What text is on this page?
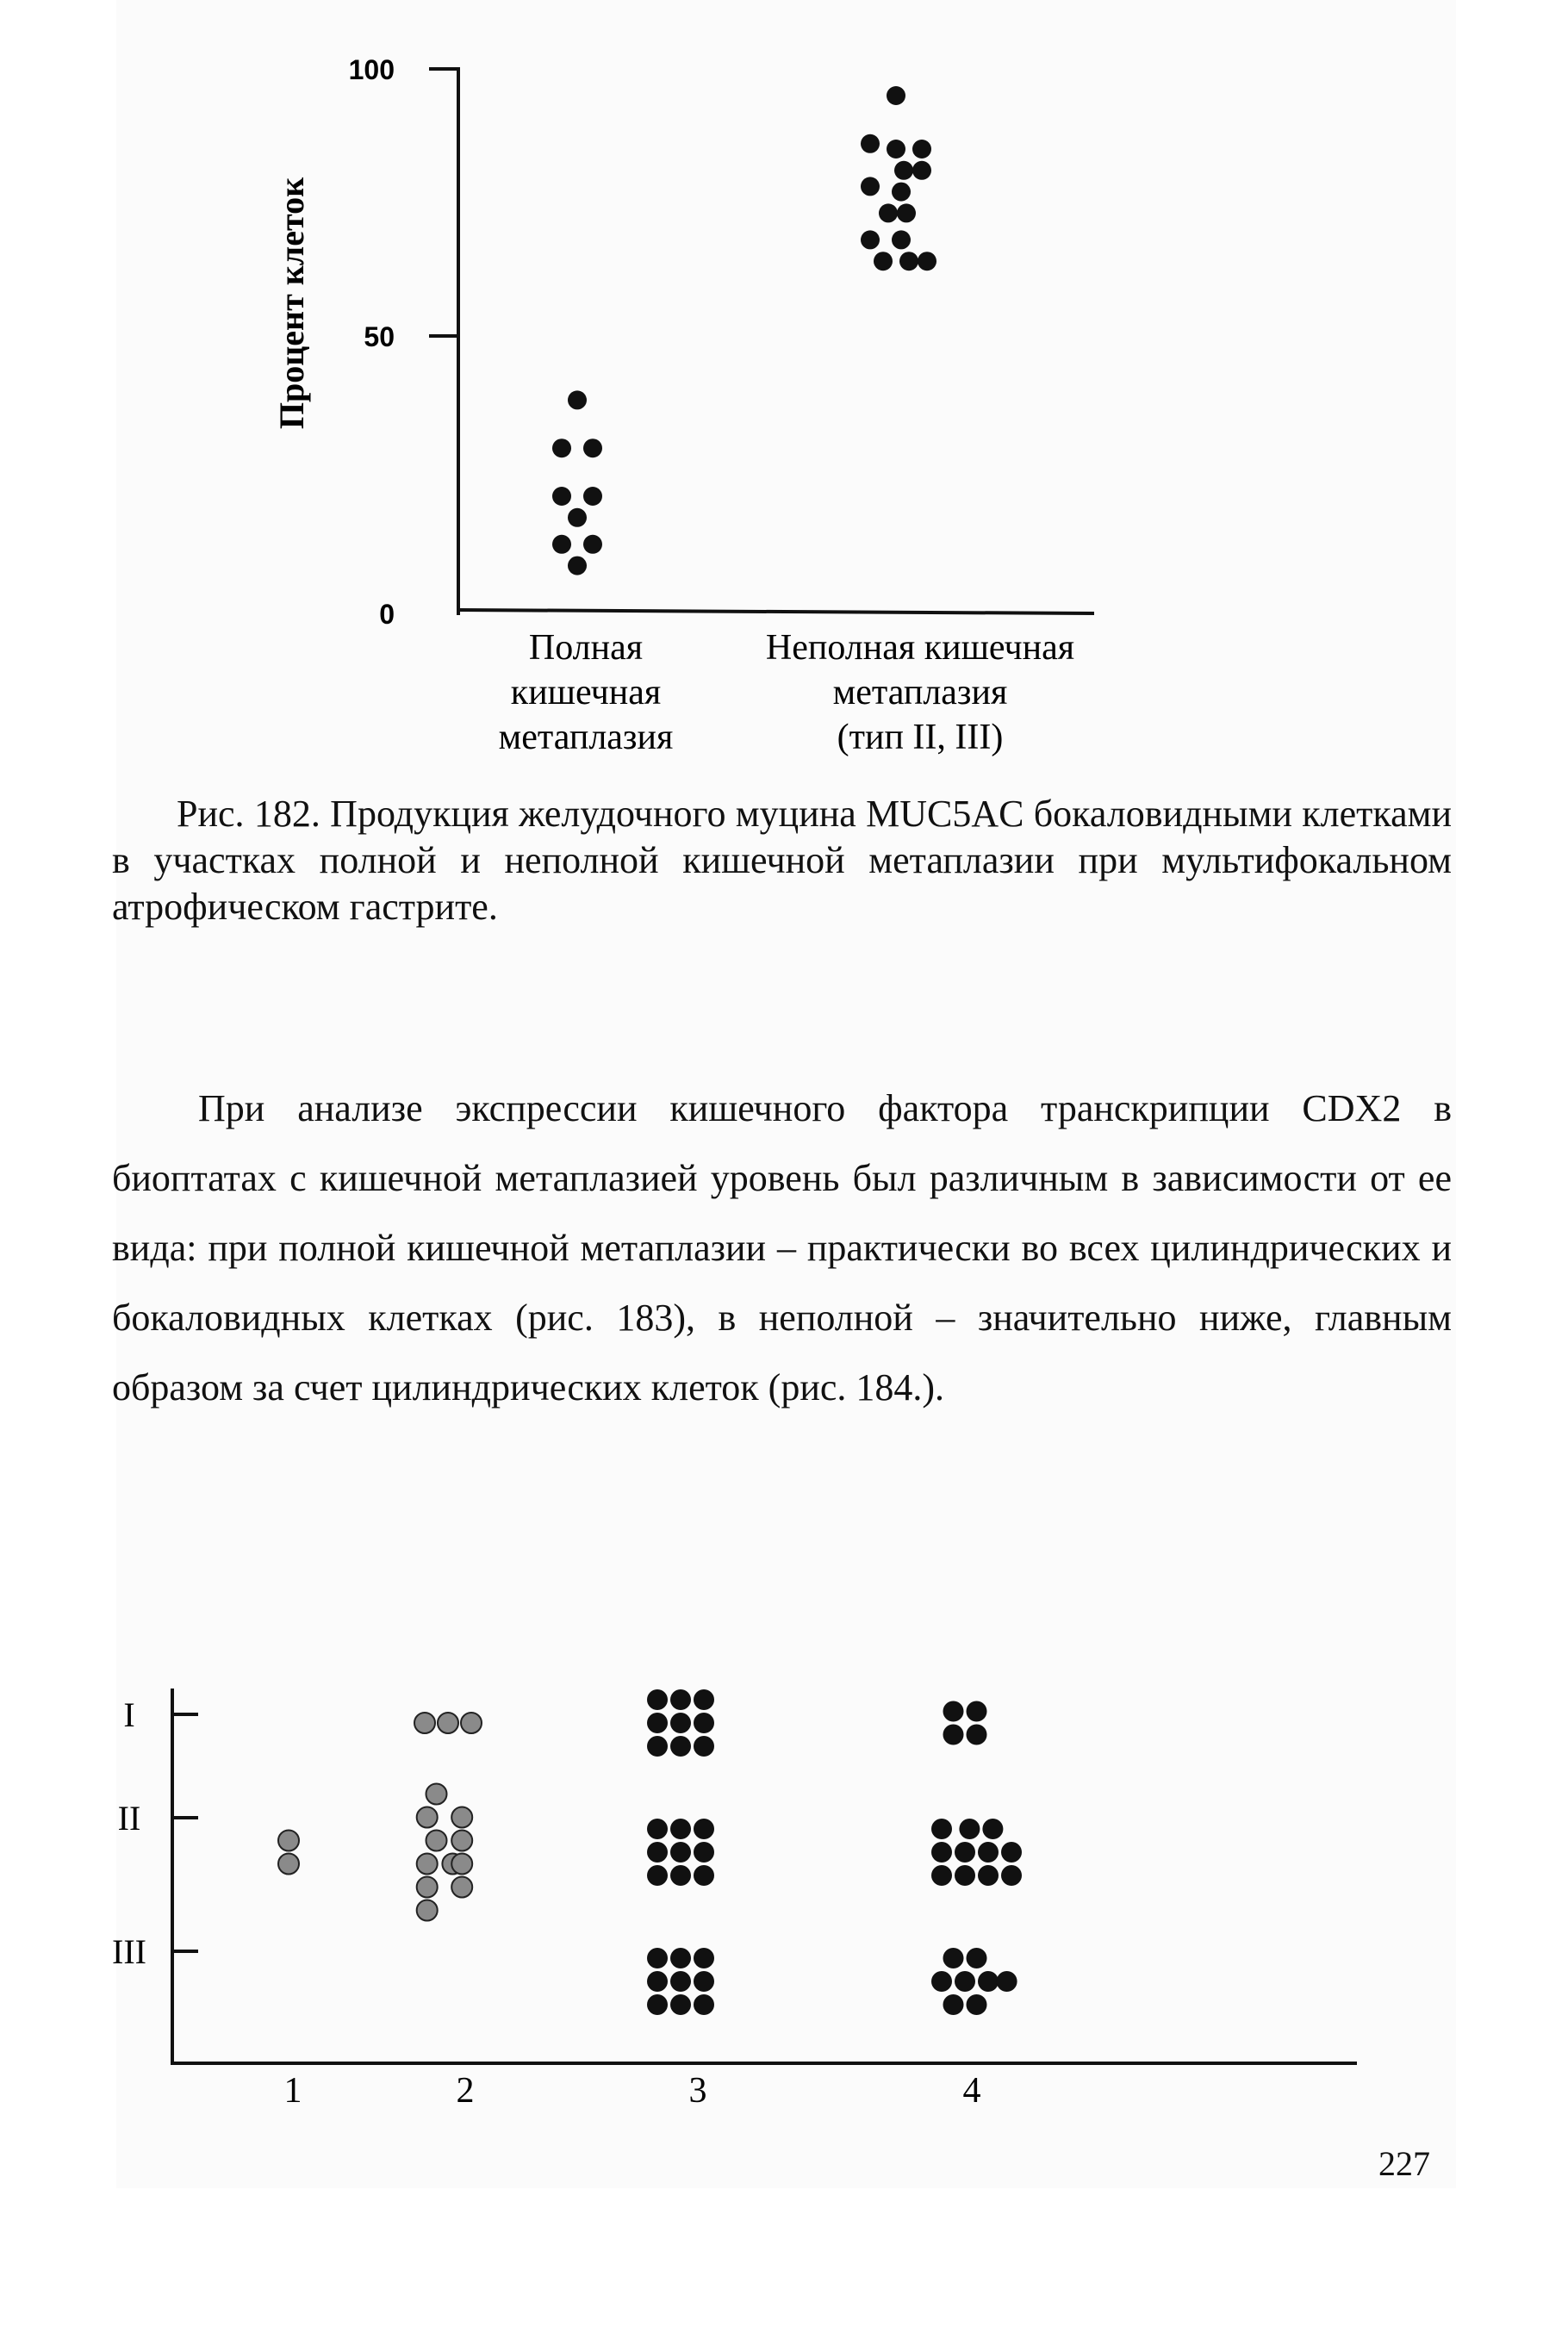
0
50
100
Процент клеток
Полная
кишечная
метаплазия
Неполная кишечная
метаплазия
(тип II, III)
Рис. 182. Продукция желудочного муцина MUC5AC бокаловидными клетками в участках полной и неполной кишечной метаплазии при мультифокальном атрофическом гастрите.
При анализе экспрессии кишечного фактора транскрипции CDX2 в биоптатах с кишечной метаплазией уровень был различным в зависимости от ее вида: при полной кишечной метаплазии – практически во всех цилиндрических и бокаловидных клетках (рис. 183), в неполной – значительно ниже, главным образом за счет цилиндрических клеток (рис. 184.).
I
II
III
1	2	3	4
227
